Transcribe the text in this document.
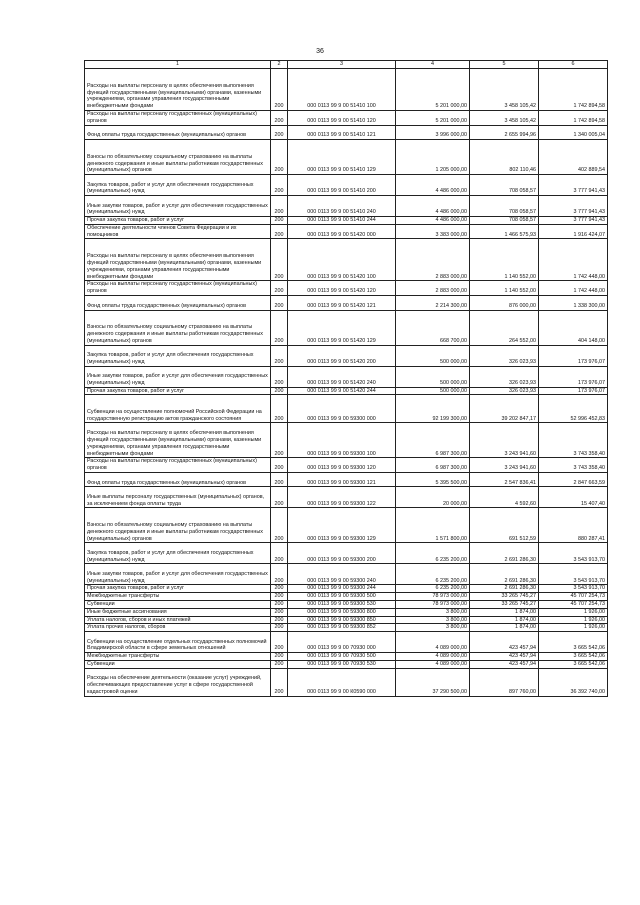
36
1	2	3	4	5	6
Расходы на выплаты персоналу в целях обеспечения выполнения функций государственными (муниципальными) органами, казенными учреждениями, органами управления государственными внебюджетными фондами	200	000 0113 99 9 00 51410 100	5 201 000,00	3 458 105,42	1 742 894,58
Расходы на выплаты персоналу государственных (муниципальных) органов	200	000 0113 99 9 00 51410 120	5 201 000,00	3 458 105,42	1 742 894,58
Фонд оплаты труда государственных (муниципальных) органов	200	000 0113 99 9 00 51410 121	3 996 000,00	2 655 994,96	1 340 005,04
Взносы по обязательному социальному страхованию на выплаты денежного содержания и иные выплаты работникам государственных (муниципальных) органов	200	000 0113 99 9 00 51410 129	1 205 000,00	802 110,46	402 889,54
Закупка товаров, работ и услуг для обеспечения государственных (муниципальных) нужд	200	000 0113 99 9 00 51410 200	4 486 000,00	708 058,57	3 777 941,43
Иные закупки товаров, работ и услуг для обеспечения государственных (муниципальных) нужд	200	000 0113 99 9 00 51410 240	4 486 000,00	708 058,57	3 777 941,43
Прочая закупка товаров, работ и услуг	200	000 0113 99 9 00 51410 244	4 486 000,00	708 058,57	3 777 941,43
Обеспечение деятельности членов Совета Федерации и их помощников	200	000 0113 99 9 00 51420 000	3 383 000,00	1 466 575,93	1 916 424,07
Расходы на выплаты персоналу в целях обеспечения выполнения функций государственными (муниципальными) органами, казенными учреждениями, органами управления государственными внебюджетными фондами	200	000 0113 99 9 00 51420 100	2 883 000,00	1 140 552,00	1 742 448,00
Расходы на выплаты персоналу государственных (муниципальных) органов	200	000 0113 99 9 00 51420 120	2 883 000,00	1 140 552,00	1 742 448,00
Фонд оплаты труда государственных (муниципальных) органов	200	000 0113 99 9 00 51420 121	2 214 300,00	876 000,00	1 338 300,00
Взносы по обязательному социальному страхованию на выплаты денежного содержания и иные выплаты работникам государственных (муниципальных) органов	200	000 0113 99 9 00 51420 129	668 700,00	264 552,00	404 148,00
Закупка товаров, работ и услуг для обеспечения государственных (муниципальных) нужд	200	000 0113 99 9 00 51420 200	500 000,00	326 023,93	173 976,07
Иные закупки товаров, работ и услуг для обеспечения государственных (муниципальных) нужд	200	000 0113 99 9 00 51420 240	500 000,00	326 023,93	173 976,07
Прочая закупка товаров, работ и услуг	200	000 0113 99 9 00 51420 244	500 000,00	326 023,93	173 976,07
Субвенции на осуществление полномочий Российской Федерации на государственную регистрацию актов гражданского состояния	200	000 0113 99 9 00 59300 000	92 199 300,00	39 202 847,17	52 996 452,83
Расходы на выплаты персоналу в целях обеспечения выполнения функций государственными (муниципальными) органами, казенными учреждениями, органами управления государственными внебюджетными фондами	200	000 0113 99 9 00 59300 100	6 987 300,00	3 243 941,60	3 743 358,40
Расходы на выплаты персоналу государственных (муниципальных) органов	200	000 0113 99 9 00 59300 120	6 987 300,00	3 243 941,60	3 743 358,40
Фонд оплаты труда государственных (муниципальных) органов	200	000 0113 99 9 00 59300 121	5 395 500,00	2 547 836,41	2 847 663,59
Иные выплаты персоналу государственных (муниципальных) органов, за исключением фонда оплаты труда	200	000 0113 99 9 00 59300 122	20 000,00	4 592,60	15 407,40
Взносы по обязательному социальному страхованию на выплаты денежного содержания и иные выплаты работникам государственных (муниципальных) органов	200	000 0113 99 9 00 59300 129	1 571 800,00	691 512,59	880 287,41
Закупка товаров, работ и услуг для обеспечения государственных (муниципальных) нужд	200	000 0113 99 9 00 59300 200	6 235 200,00	2 691 286,30	3 543 913,70
Иные закупки товаров, работ и услуг для обеспечения государственных (муниципальных) нужд	200	000 0113 99 9 00 59300 240	6 235 200,00	2 691 286,30	3 543 913,70
Прочая закупка товаров, работ и услуг	200	000 0113 99 9 00 59300 244	6 235 200,00	2 691 286,30	3 543 913,70
Межбюджетные трансферты	200	000 0113 99 9 00 59300 500	78 973 000,00	33 265 745,27	45 707 254,73
Субвенции	200	000 0113 99 9 00 59300 530	78 973 000,00	33 265 745,27	45 707 254,73
Иные бюджетные ассигнования	200	000 0113 99 9 00 59300 800	3 800,00	1 874,00	1 926,00
Уплата налогов, сборов и иных платежей	200	000 0113 99 9 00 59300 850	3 800,00	1 874,00	1 926,00
Уплата прочих налогов, сборов	200	000 0113 99 9 00 59300 852	3 800,00	1 874,00	1 926,00
Субвенции на осуществление отдельных государственных полномочий Владимирской области в сфере земельных отношений	200	000 0113 99 9 00 70930 000	4 089 000,00	423 457,94	3 665 542,06
Межбюджетные трансферты	200	000 0113 99 9 00 70930 500	4 089 000,00	423 457,94	3 665 542,06
Субвенции	200	000 0113 99 9 00 70930 530	4 089 000,00	423 457,94	3 665 542,06
Расходы на обеспечение деятельности (оказание услуг) учреждений, обеспечивающих предоставление услуг в сфере государственной кадастровой оценки	200	000 0113 99 9 00 К0590 000	37 290 500,00	897 760,00	36 392 740,00
